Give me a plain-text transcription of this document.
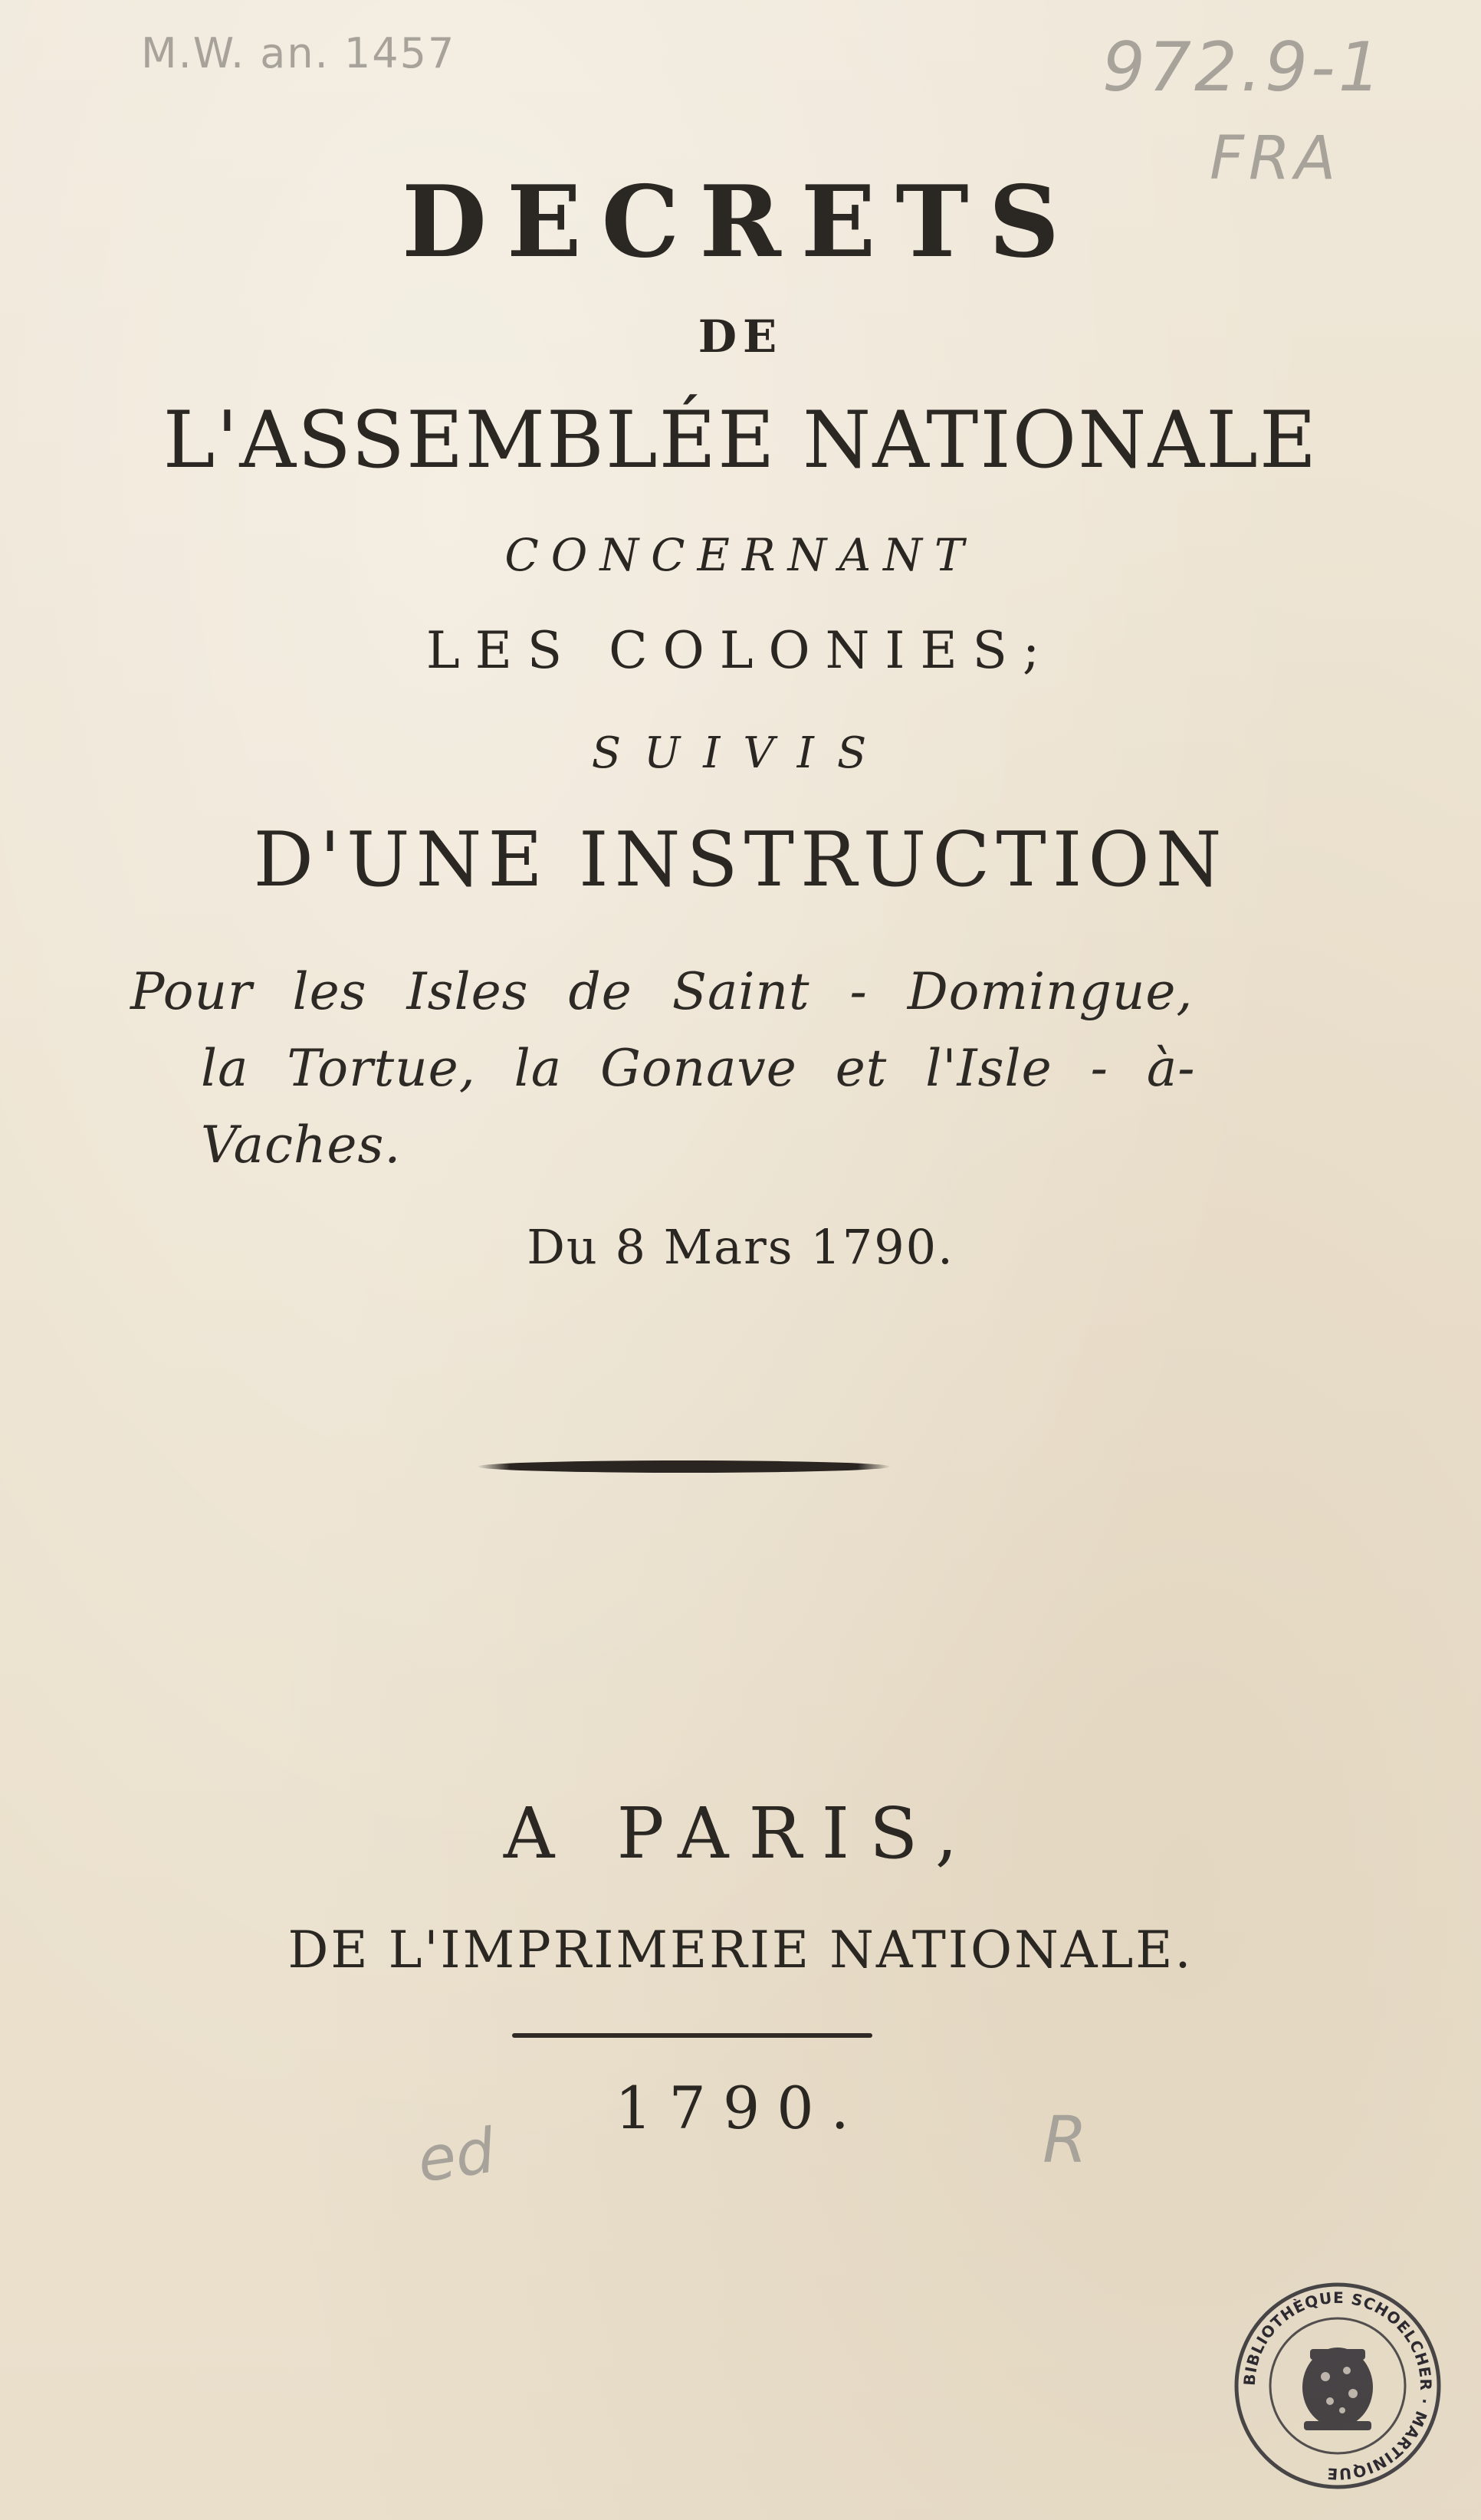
M.W. an. 1457	972.9-1
FRA
DECRETS
DE
L'ASSEMBLÉE NATIONALE
CONCERNANT
LES COLONIES;
SUIVIS
D'UNE INSTRUCTION
Pour les Isles de Saint - Domingue,
la Tortue, la Gonave et l'Isle - à-
Vaches.
Du 8 Mars 1790.
A PARIS,
DE L'IMPRIMERIE NATIONALE.
1790.
ed	R
BIBLIOTHÈQUE SCHOELCHER · MARTINIQUE
